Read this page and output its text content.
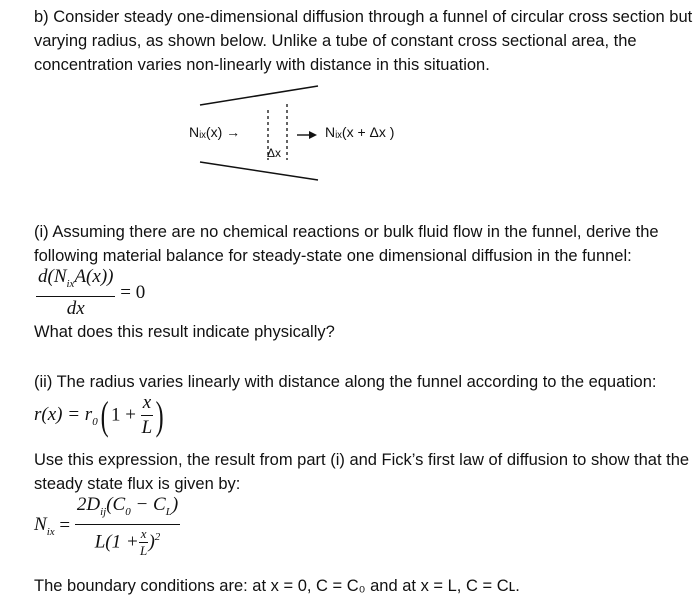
b) Consider steady one-dimensional diffusion through a funnel of circular cross section but

varying radius, as shown below. Unlike a tube of constant cross sectional area, the

concentration varies non-linearly with distance in this situation.

Nᵢₓ(x) →	Nᵢₓ(x + Δx )
Δx

(i) Assuming there are no chemical reactions or bulk fluid flow in the funnel, derive the

following material balance for steady-state one dimensional diffusion in the funnel:

$\frac{d(N_{ix}A(x))}{dx} = 0$

What does this result indicate physically?

(ii) The radius varies linearly with distance along the funnel according to the equation:

$r(x) = r_0$( $1 + \frac{x}{L}$ )

Use this expression, the result from part (i) and Fick’s first law of diffusion to show that the

steady state flux is given by:

$N_{ix} = \frac{2D_{ij}(C_0 - C_L)}{L(1 + \frac{x}{L} )^2}$

The boundary conditions are: at x = 0, C = C₀ and at x = L, C = Cʟ.
